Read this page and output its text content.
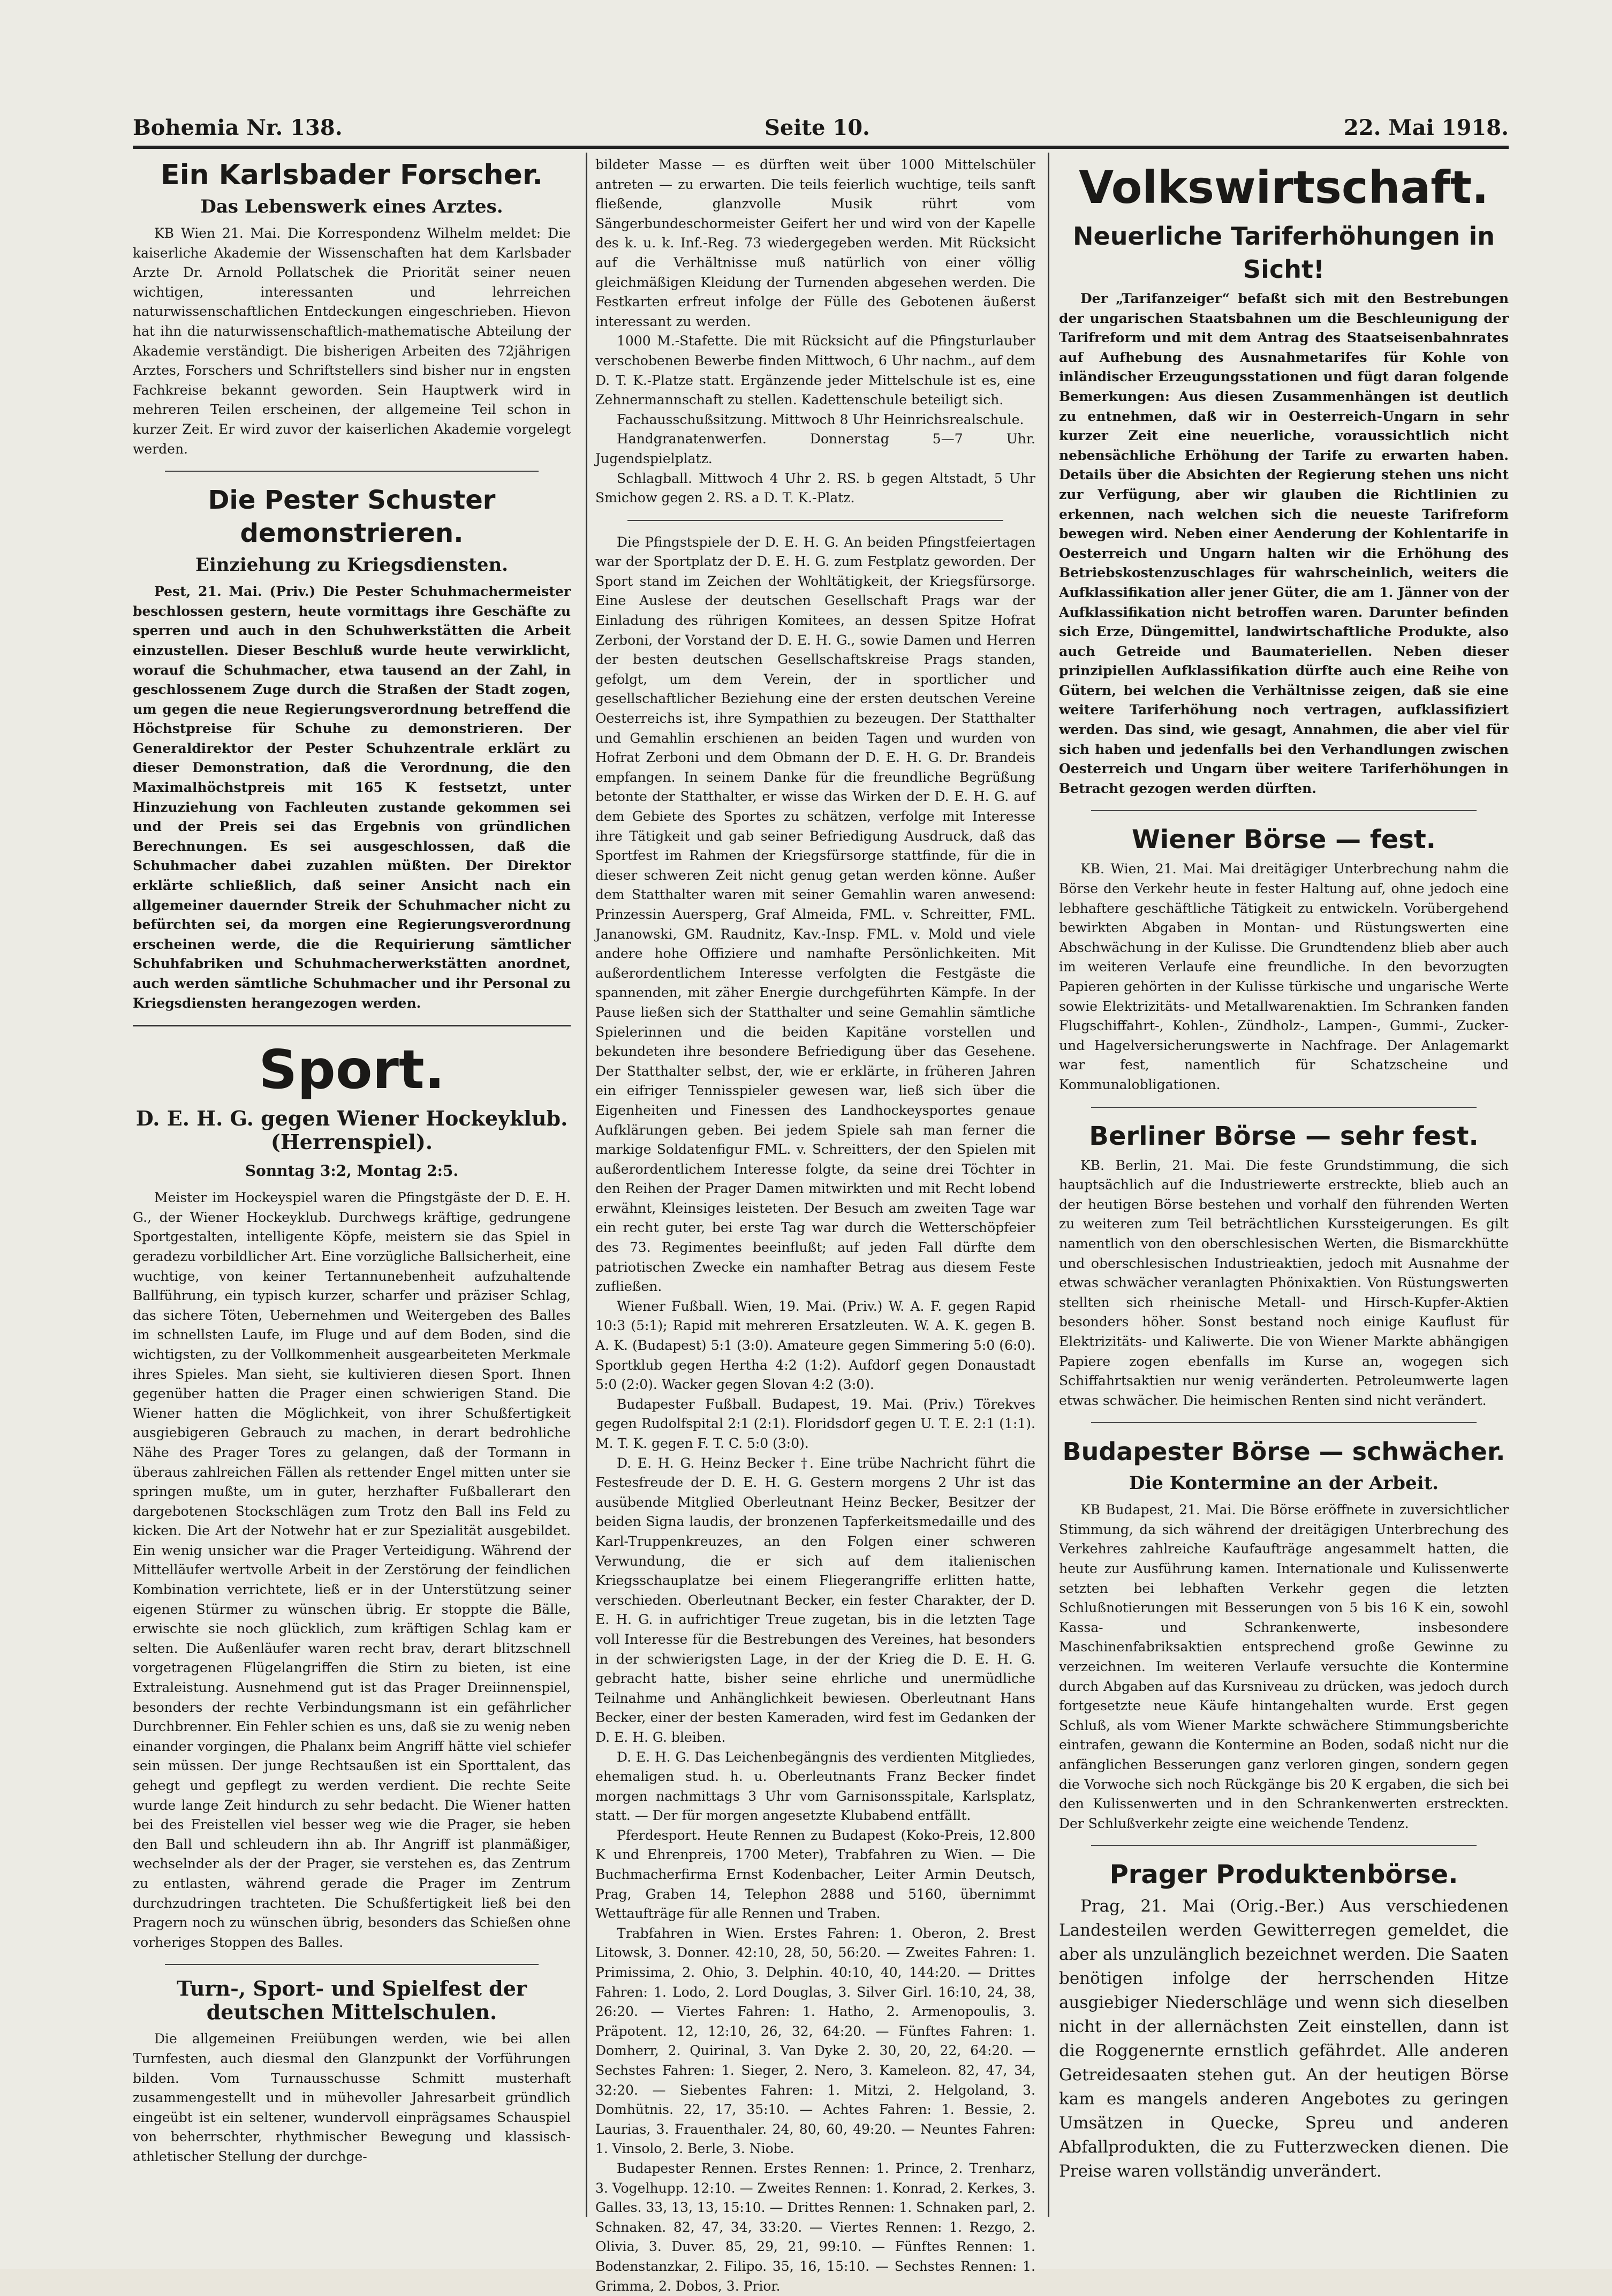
Bohemia Nr. 138.	Seite 10.	22. Mai 1918.
Ein Karlsbader Forscher.
Das Lebenswerk eines Arztes.

KB Wien 21. Mai. Die Korrespondenz Wilhelm meldet: Die kaiserliche Akademie der Wissenschaften hat dem Karlsbader Arzte Dr. Arnold Pollatschek die Priorität seiner neuen wichtigen, interessanten und lehrreichen naturwissenschaftlichen Entdeckungen eingeschrieben. Hievon hat ihn die naturwissenschaftlich-mathematische Abteilung der Akademie verständigt. Die bisherigen Arbeiten des 72jährigen Arztes, Forschers und Schriftstellers sind bisher nur in engsten Fachkreise bekannt geworden. Sein Hauptwerk wird in mehreren Teilen erscheinen, der allgemeine Teil schon in kurzer Zeit. Er wird zuvor der kaiserlichen Akademie vorgelegt werden.

Die Pester Schuster demonstrieren.
Einziehung zu Kriegsdiensten.

Pest, 21. Mai. (Priv.) Die Pester Schuhmachermeister beschlossen gestern, heute vormittags ihre Geschäfte zu sperren und auch in den Schuhwerkstätten die Arbeit einzustellen. Dieser Beschluß wurde heute verwirklicht, worauf die Schuhmacher, etwa tausend an der Zahl, in geschlossenem Zuge durch die Straßen der Stadt zogen, um gegen die neue Regierungsverordnung betreffend die Höchstpreise für Schuhe zu demonstrieren. Der Generaldirektor der Pester Schuhzentrale erklärt zu dieser Demonstration, daß die Verordnung, die den Maximalhöchstpreis mit 165 K festsetzt, unter Hinzuziehung von Fachleuten zustande gekommen sei und der Preis sei das Ergebnis von gründlichen Berechnungen. Es sei ausgeschlossen, daß die Schuhmacher dabei zuzahlen müßten. Der Direktor erklärte schließlich, daß seiner Ansicht nach ein allgemeiner dauernder Streik der Schuhmacher nicht zu befürchten sei, da morgen eine Regierungsverordnung erscheinen werde, die die Requirierung sämtlicher Schuhfabriken und Schuhmacherwerkstätten anordnet, auch werden sämtliche Schuhmacher und ihr Personal zu Kriegsdiensten herangezogen werden.

Sport.
D. E. H. G. gegen Wiener Hockeyklub. (Herrenspiel).
Sonntag 3:2, Montag 2:5.

Meister im Hockeyspiel waren die Pfingstgäste der D. E. H. G., der Wiener Hockeyklub. Durchwegs kräftige, gedrungene Sportgestalten, intelligente Köpfe, meistern sie das Spiel in geradezu vorbildlicher Art. Eine vorzügliche Ballsicherheit, eine wuchtige, von keiner Tertannunebenheit aufzuhaltende Ballführung, ein typisch kurzer, scharfer und präziser Schlag, das sichere Töten, Uebernehmen und Weitergeben des Balles im schnellsten Laufe, im Fluge und auf dem Boden, sind die wichtigsten, zu der Vollkommenheit ausgearbeiteten Merkmale ihres Spieles. Man sieht, sie kultivieren diesen Sport. Ihnen gegenüber hatten die Prager einen schwierigen Stand. Die Wiener hatten die Möglichkeit, von ihrer Schußfertigkeit ausgiebigeren Gebrauch zu machen, in derart bedrohliche Nähe des Prager Tores zu gelangen, daß der Tormann in überaus zahlreichen Fällen als rettender Engel mitten unter sie springen mußte, um in guter, herzhafter Fußballerart den dargebotenen Stockschlägen zum Trotz den Ball ins Feld zu kicken. Die Art der Notwehr hat er zur Spezialität ausgebildet. Ein wenig unsicher war die Prager Verteidigung. Während der Mittelläufer wertvolle Arbeit in der Zerstörung der feindlichen Kombination verrichtete, ließ er in der Unterstützung seiner eigenen Stürmer zu wünschen übrig. Er stoppte die Bälle, erwischte sie noch glücklich, zum kräftigen Schlag kam er selten. Die Außenläufer waren recht brav, derart blitzschnell vorgetragenen Flügelangriffen die Stirn zu bieten, ist eine Extraleistung. Ausnehmend gut ist das Prager Dreiinnenspiel, besonders der rechte Verbindungsmann ist ein gefährlicher Durchbrenner. Ein Fehler schien es uns, daß sie zu wenig neben einander vorgingen, die Phalanx beim Angriff hätte viel schiefer sein müssen. Der junge Rechtsaußen ist ein Sporttalent, das gehegt und gepflegt zu werden verdient. Die rechte Seite wurde lange Zeit hindurch zu sehr bedacht. Die Wiener hatten bei des Freistellen viel besser weg wie die Prager, sie heben den Ball und schleudern ihn ab. Ihr Angriff ist planmäßiger, wechselnder als der der Prager, sie verstehen es, das Zentrum zu entlasten, während gerade die Prager im Zentrum durchzudringen trachteten. Die Schußfertigkeit ließ bei den Pragern noch zu wünschen übrig, besonders das Schießen ohne vorheriges Stoppen des Balles.

Turn-, Sport- und Spielfest der deutschen Mittelschulen.

Die allgemeinen Freiübungen werden, wie bei allen Turnfesten, auch diesmal den Glanzpunkt der Vorführungen bilden. Vom Turnausschusse Schmitt musterhaft zusammengestellt und in mühevoller Jahresarbeit gründlich eingeübt ist ein seltener, wundervoll einprägsames Schauspiel von beherrschter, rhythmischer Bewegung und klassisch-athletischer Stellung der durchge-

bildeter Masse — es dürften weit über 1000 Mittelschüler antreten — zu erwarten. Die teils feierlich wuchtige, teils sanft fließende, glanzvolle Musik rührt vom Sängerbundeschormeister Geifert her und wird von der Kapelle des k. u. k. Inf.-Reg. 73 wiedergegeben werden. Mit Rücksicht auf die Verhältnisse muß natürlich von einer völlig gleichmäßigen Kleidung der Turnenden abgesehen werden. Die Festkarten erfreut infolge der Fülle des Gebotenen äußerst interessant zu werden.

1000 M.-Stafette. Die mit Rücksicht auf die Pfingsturlauber verschobenen Bewerbe finden Mittwoch, 6 Uhr nachm., auf dem D. T. K.-Platze statt. Ergänzende jeder Mittelschule ist es, eine Zehnermannschaft zu stellen. Kadettenschule beteiligt sich.

Fachausschußsitzung. Mittwoch 8 Uhr Heinrichsrealschule.

Handgranatenwerfen. Donnerstag 5—7 Uhr. Jugendspielplatz.

Schlagball. Mittwoch 4 Uhr 2. RS. b gegen Altstadt, 5 Uhr Smichow gegen 2. RS. a D. T. K.-Platz.

Die Pfingstspiele der D. E. H. G. An beiden Pfingstfeiertagen war der Sportplatz der D. E. H. G. zum Festplatz geworden. Der Sport stand im Zeichen der Wohltätigkeit, der Kriegsfürsorge. Eine Auslese der deutschen Gesellschaft Prags war der Einladung des rührigen Komitees, an dessen Spitze Hofrat Zerboni, der Vorstand der D. E. H. G., sowie Damen und Herren der besten deutschen Gesellschaftskreise Prags standen, gefolgt, um dem Verein, der in sportlicher und gesellschaftlicher Beziehung eine der ersten deutschen Vereine Oesterreichs ist, ihre Sympathien zu bezeugen. Der Statthalter und Gemahlin erschienen an beiden Tagen und wurden von Hofrat Zerboni und dem Obmann der D. E. H. G. Dr. Brandeis empfangen. In seinem Danke für die freundliche Begrüßung betonte der Statthalter, er wisse das Wirken der D. E. H. G. auf dem Gebiete des Sportes zu schätzen, verfolge mit Interesse ihre Tätigkeit und gab seiner Befriedigung Ausdruck, daß das Sportfest im Rahmen der Kriegsfürsorge stattfinde, für die in dieser schweren Zeit nicht genug getan werden könne. Außer dem Statthalter waren mit seiner Gemahlin waren anwesend: Prinzessin Auersperg, Graf Almeida, FML. v. Schreitter, FML. Jananowski, GM. Raudnitz, Kav.-Insp. FML. v. Mold und viele andere hohe Offiziere und namhafte Persönlichkeiten. Mit außerordentlichem Interesse verfolgten die Festgäste die spannenden, mit zäher Energie durchgeführten Kämpfe. In der Pause ließen sich der Statthalter und seine Gemahlin sämtliche Spielerinnen und die beiden Kapitäne vorstellen und bekundeten ihre besondere Befriedigung über das Gesehene. Der Statthalter selbst, der, wie er erklärte, in früheren Jahren ein eifriger Tennisspieler gewesen war, ließ sich über die Eigenheiten und Finessen des Landhockeysportes genaue Aufklärungen geben. Bei jedem Spiele sah man ferner die markige Soldatenfigur FML. v. Schreitters, der den Spielen mit außerordentlichem Interesse folgte, da seine drei Töchter in den Reihen der Prager Damen mitwirkten und mit Recht lobend erwähnt, Kleinsiges leisteten. Der Besuch am zweiten Tage war ein recht guter, bei erste Tag war durch die Wetterschöpfeier des 73. Regimentes beeinflußt; auf jeden Fall dürfte dem patriotischen Zwecke ein namhafter Betrag aus diesem Feste zufließen.

Wiener Fußball. Wien, 19. Mai. (Priv.) W. A. F. gegen Rapid 10:3 (5:1); Rapid mit mehreren Ersatzleuten. W. A. K. gegen B. A. K. (Budapest) 5:1 (3:0). Amateure gegen Simmering 5:0 (6:0). Sportklub gegen Hertha 4:2 (1:2). Aufdorf gegen Donaustadt 5:0 (2:0). Wacker gegen Slovan 4:2 (3:0).

Budapester Fußball. Budapest, 19. Mai. (Priv.) Törekves gegen Rudolfspital 2:1 (2:1). Floridsdorf gegen U. T. E. 2:1 (1:1). M. T. K. gegen F. T. C. 5:0 (3:0).

D. E. H. G. Heinz Becker †. Eine trübe Nachricht führt die Festesfreude der D. E. H. G. Gestern morgens 2 Uhr ist das ausübende Mitglied Oberleutnant Heinz Becker, Besitzer der beiden Signa laudis, der bronzenen Tapferkeitsmedaille und des Karl-Truppenkreuzes, an den Folgen einer schweren Verwundung, die er sich auf dem italienischen Kriegsschauplatze bei einem Fliegerangriffe erlitten hatte, verschieden. Oberleutnant Becker, ein fester Charakter, der D. E. H. G. in aufrichtiger Treue zugetan, bis in die letzten Tage voll Interesse für die Bestrebungen des Vereines, hat besonders in der schwierigsten Lage, in der der Krieg die D. E. H. G. gebracht hatte, bisher seine ehrliche und unermüdliche Teilnahme und Anhänglichkeit bewiesen. Oberleutnant Hans Becker, einer der besten Kameraden, wird fest im Gedanken der D. E. H. G. bleiben.

D. E. H. G. Das Leichenbegängnis des verdienten Mitgliedes, ehemaligen stud. h. u. Oberleutnants Franz Becker findet morgen nachmittags 3 Uhr vom Garnisonsspitale, Karlsplatz, statt. — Der für morgen angesetzte Klubabend entfällt.

Pferdesport. Heute Rennen zu Budapest (Koko-Preis, 12.800 K und Ehrenpreis, 1700 Meter), Trabfahren zu Wien. — Die Buchmacherfirma Ernst Kodenbacher, Leiter Armin Deutsch, Prag, Graben 14, Telephon 2888 und 5160, übernimmt Wettaufträge für alle Rennen und Traben.

Trabfahren in Wien. Erstes Fahren: 1. Oberon, 2. Brest Litowsk, 3. Donner. 42:10, 28, 50, 56:20. — Zweites Fahren: 1. Primissima, 2. Ohio, 3. Delphin. 40:10, 40, 144:20. — Drittes Fahren: 1. Lodo, 2. Lord Douglas, 3. Silver Girl. 16:10, 24, 38, 26:20. — Viertes Fahren: 1. Hatho, 2. Armenopoulis, 3. Präpotent. 12, 12:10, 26, 32, 64:20. — Fünftes Fahren: 1. Domherr, 2. Quirinal, 3. Van Dyke 2. 30, 20, 22, 64:20. — Sechstes Fahren: 1. Sieger, 2. Nero, 3. Kameleon. 82, 47, 34, 32:20. — Siebentes Fahren: 1. Mitzi, 2. Helgoland, 3. Domhütnis. 22, 17, 35:10. — Achtes Fahren: 1. Bessie, 2. Laurias, 3. Frauenthaler. 24, 80, 60, 49:20. — Neuntes Fahren: 1. Vinsolo, 2. Berle, 3. Niobe.

Budapester Rennen. Erstes Rennen: 1. Prince, 2. Trenharz, 3. Vogelhupp. 12:10. — Zweites Rennen: 1. Konrad, 2. Kerkes, 3. Galles. 33, 13, 13, 15:10. — Drittes Rennen: 1. Schnaken parl, 2. Schnaken. 82, 47, 34, 33:20. — Viertes Rennen: 1. Rezgo, 2. Olivia, 3. Duver. 85, 29, 21, 99:10. — Fünftes Rennen: 1. Bodenstanzkar, 2. Filipo. 35, 16, 15:10. — Sechstes Rennen: 1. Grimma, 2. Dobos, 3. Prior.

Volkswirtschaft.
Neuerliche Tariferhöhungen in Sicht!

Der „Tarifanzeiger“ befaßt sich mit den Bestrebungen der ungarischen Staatsbahnen um die Beschleunigung der Tarifreform und mit dem Antrag des Staatseisenbahnrates auf Aufhebung des Ausnahmetarifes für Kohle von inländischer Erzeugungsstationen und fügt daran folgende Bemerkungen: Aus diesen Zusammenhängen ist deutlich zu entnehmen, daß wir in Oesterreich-Ungarn in sehr kurzer Zeit eine neuerliche, voraussichtlich nicht nebensächliche Erhöhung der Tarife zu erwarten haben. Details über die Absichten der Regierung stehen uns nicht zur Verfügung, aber wir glauben die Richtlinien zu erkennen, nach welchen sich die neueste Tarifreform bewegen wird. Neben einer Aenderung der Kohlentarife in Oesterreich und Ungarn halten wir die Erhöhung des Betriebskostenzuschlages für wahrscheinlich, weiters die Aufklassifikation aller jener Güter, die am 1. Jänner von der Aufklassifikation nicht betroffen waren. Darunter befinden sich Erze, Düngemittel, landwirtschaftliche Produkte, also auch Getreide und Baumateriellen. Neben dieser prinzipiellen Aufklassifikation dürfte auch eine Reihe von Gütern, bei welchen die Verhältnisse zeigen, daß sie eine weitere Tariferhöhung noch vertragen, aufklassifiziert werden. Das sind, wie gesagt, Annahmen, die aber viel für sich haben und jedenfalls bei den Verhandlungen zwischen Oesterreich und Ungarn über weitere Tariferhöhungen in Betracht gezogen werden dürften.

Wiener Börse — fest.

KB. Wien, 21. Mai. Mai dreitägiger Unterbrechung nahm die Börse den Verkehr heute in fester Haltung auf, ohne jedoch eine lebhaftere geschäftliche Tätigkeit zu entwickeln. Vorübergehend bewirkten Abgaben in Montan- und Rüstungswerten eine Abschwächung in der Kulisse. Die Grundtendenz blieb aber auch im weiteren Verlaufe eine freundliche. In den bevorzugten Papieren gehörten in der Kulisse türkische und ungarische Werte sowie Elektrizitäts- und Metallwarenaktien. Im Schranken fanden Flugschiffahrt-, Kohlen-, Zündholz-, Lampen-, Gummi-, Zucker- und Hagelversicherungswerte in Nachfrage. Der Anlagemarkt war fest, namentlich für Schatzscheine und Kommunalobligationen.

Berliner Börse — sehr fest.

KB. Berlin, 21. Mai. Die feste Grundstimmung, die sich hauptsächlich auf die Industriewerte erstreckte, blieb auch an der heutigen Börse bestehen und vorhalf den führenden Werten zu weiteren zum Teil beträchtlichen Kurssteigerungen. Es gilt namentlich von den oberschlesischen Werten, die Bismarckhütte und oberschlesischen Industrieaktien, jedoch mit Ausnahme der etwas schwächer veranlagten Phönixaktien. Von Rüstungswerten stellten sich rheinische Metall- und Hirsch-Kupfer-Aktien besonders höher. Sonst bestand noch einige Kauflust für Elektrizitäts- und Kaliwerte. Die von Wiener Markte abhängigen Papiere zogen ebenfalls im Kurse an, wogegen sich Schiffahrtsaktien nur wenig veränderten. Petroleumwerte lagen etwas schwächer. Die heimischen Renten sind nicht verändert.

Budapester Börse — schwächer.
Die Kontermine an der Arbeit.

KB Budapest, 21. Mai. Die Börse eröffnete in zuversichtlicher Stimmung, da sich während der dreitägigen Unterbrechung des Verkehres zahlreiche Kaufaufträge angesammelt hatten, die heute zur Ausführung kamen. Internationale und Kulissenwerte setzten bei lebhaften Verkehr gegen die letzten Schlußnotierungen mit Besserungen von 5 bis 16 K ein, sowohl Kassa- und Schrankenwerte, insbesondere Maschinenfabriksaktien entsprechend große Gewinne zu verzeichnen. Im weiteren Verlaufe versuchte die Kontermine durch Abgaben auf das Kursniveau zu drücken, was jedoch durch fortgesetzte neue Käufe hintangehalten wurde. Erst gegen Schluß, als vom Wiener Markte schwächere Stimmungsberichte eintrafen, gewann die Kontermine an Boden, sodaß nicht nur die anfänglichen Besserungen ganz verloren gingen, sondern gegen die Vorwoche sich noch Rückgänge bis 20 K ergaben, die sich bei den Kulissenwerten und in den Schrankenwerten erstreckten. Der Schlußverkehr zeigte eine weichende Tendenz.

Prager Produktenbörse.

Prag, 21. Mai (Orig.-Ber.) Aus verschiedenen Landesteilen werden Gewitterregen gemeldet, die aber als unzulänglich bezeichnet werden. Die Saaten benötigen infolge der herrschenden Hitze ausgiebiger Niederschläge und wenn sich dieselben nicht in der allernächsten Zeit einstellen, dann ist die Roggenernte ernstlich gefährdet. Alle anderen Getreidesaaten stehen gut. An der heutigen Börse kam es mangels anderen Angebotes zu geringen Umsätzen in Quecke, Spreu und anderen Abfallprodukten, die zu Futterzwecken dienen. Die Preise waren vollständig unverändert.
